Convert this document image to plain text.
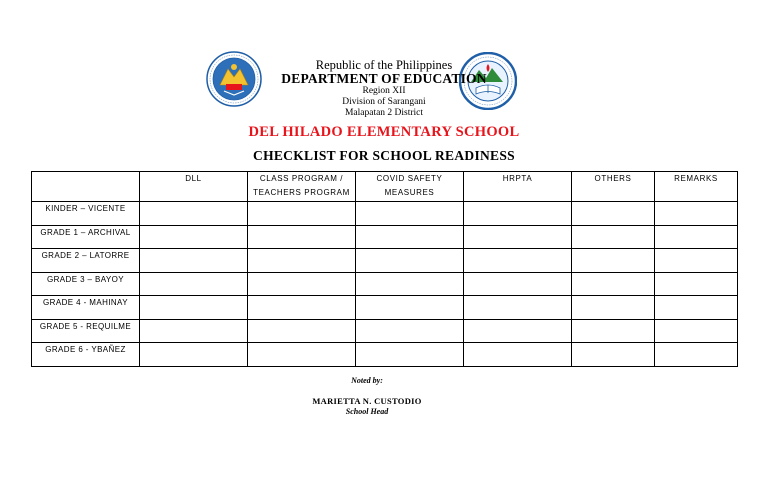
Republic of the Philippines
DEPARTMENT OF EDUCATION
Region XII
Division of Sarangani
Malapatan 2 District
DEL HILADO ELEMENTARY SCHOOL
CHECKLIST FOR SCHOOL READINESS
	DLL	CLASS PROGRAM / TEACHERS PROGRAM	COVID SAFETY MEASURES	HRPTA	OTHERS	REMARKS
KINDER – VICENTE						
GRADE 1 – ARCHIVAL						
GRADE 2 – LATORRE						
GRADE 3 – BAYOY						
GRADE 4 - MAHINAY						
GRADE 5 - REQUILME						
GRADE 6 - YBAÑEZ						
Noted by:
MARIETTA N. CUSTODIO
School Head
